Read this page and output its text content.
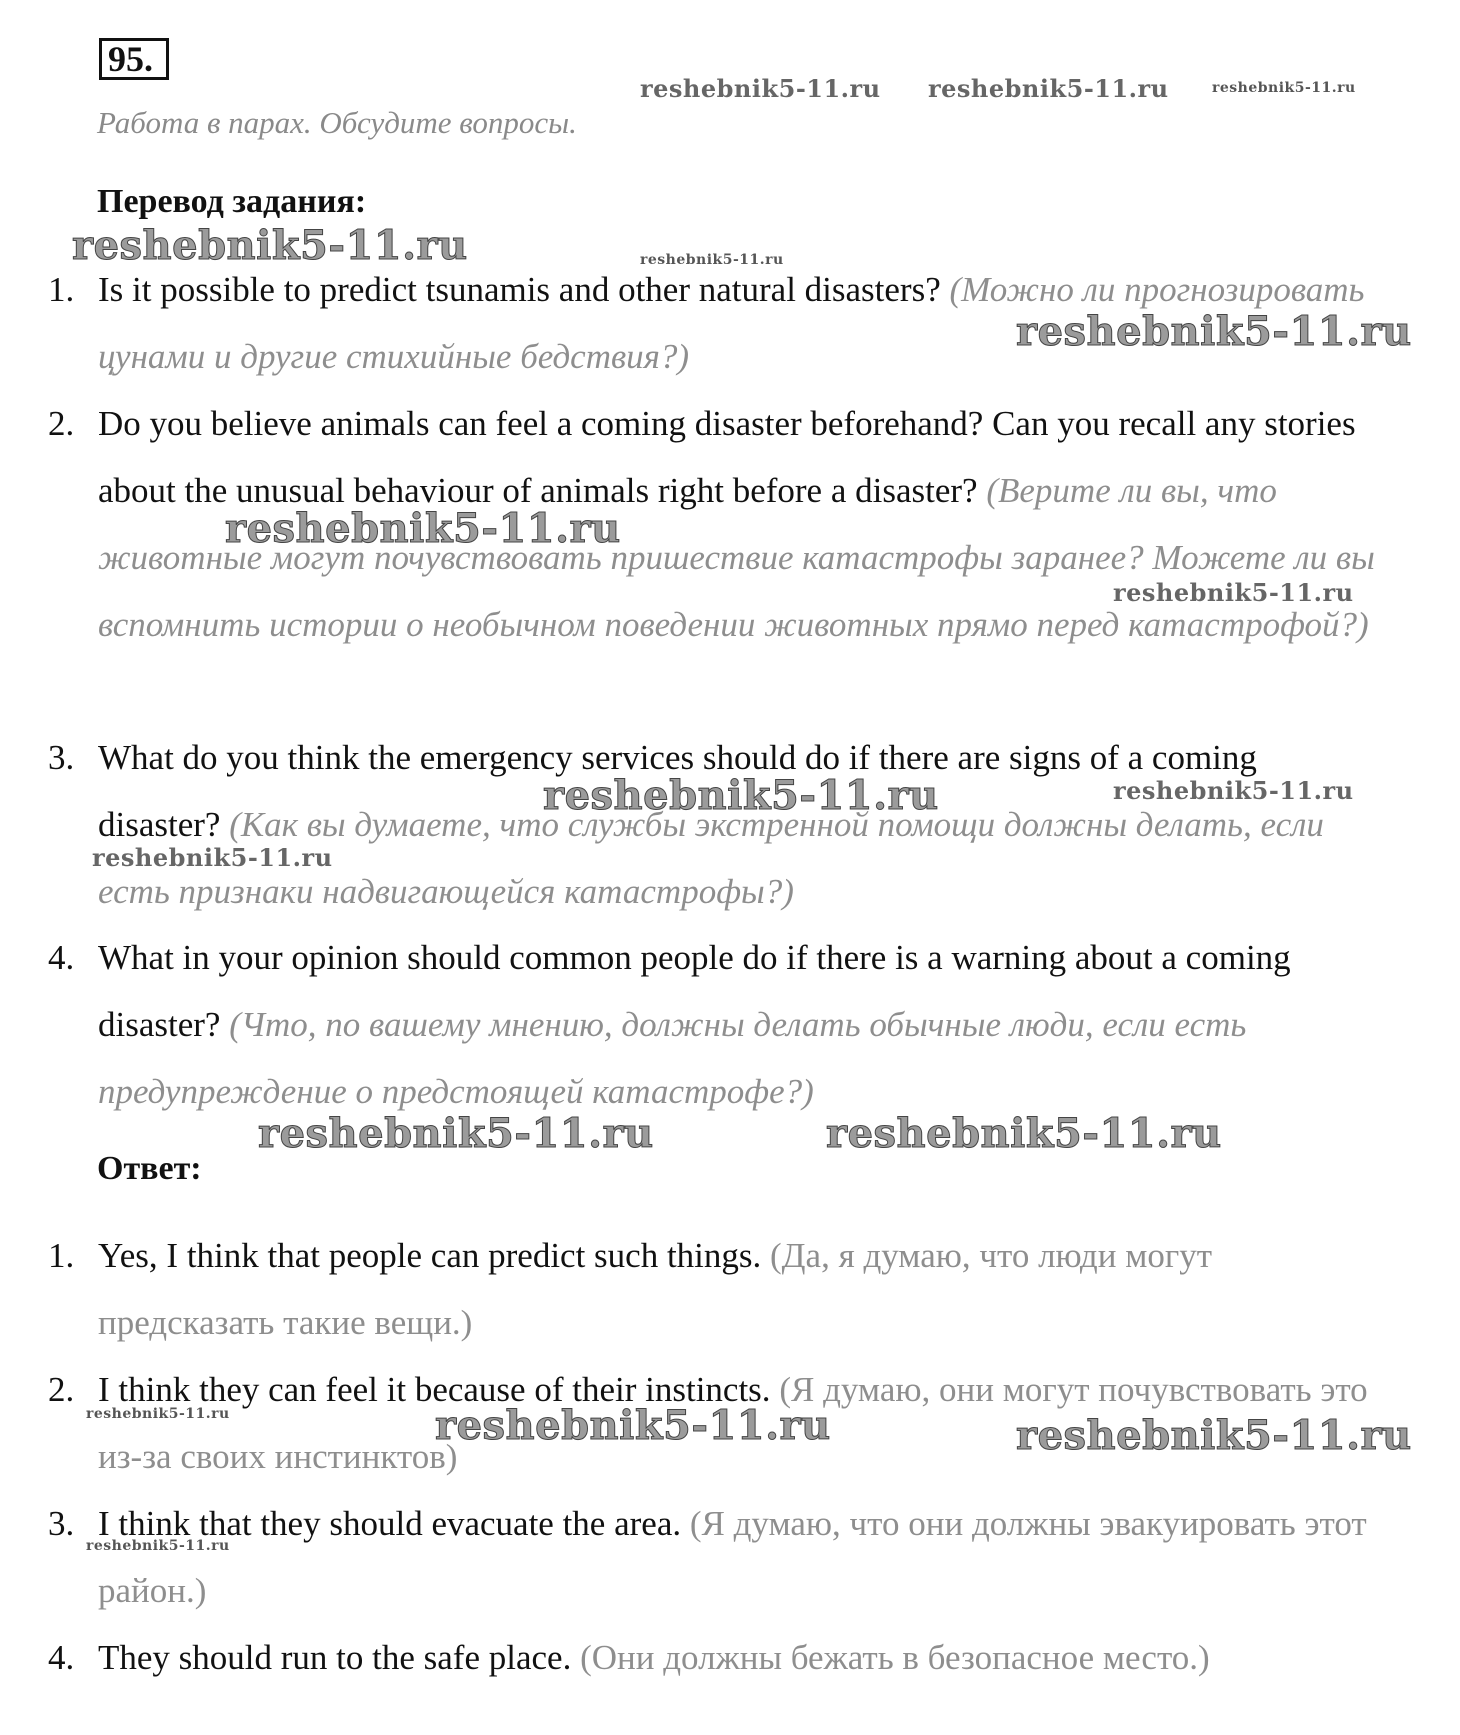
95.
Работа в парах. Обсудите вопросы.
Перевод задания:
1. Is it possible to predict tsunamis and other natural disasters? (Можно ли прогнозировать цунами и другие стихийные бедствия?)
2. Do you believe animals can feel a coming disaster beforehand? Can you recall any stories about the unusual behaviour of animals right before a disaster? (Верите ли вы, что животные могут почувствовать пришествие катастрофы заранее? Можете ли вы вспомнить истории о необычном поведении животных прямо перед катастрофой?)
3. What do you think the emergency services should do if there are signs of a coming disaster? (Как вы думаете, что службы экстренной помощи должны делать, если есть признаки надвигающейся катастрофы?)
4. What in your opinion should common people do if there is a warning about a coming disaster? (Что, по вашему мнению, должны делать обычные люди, если есть предупреждение о предстоящей катастрофе?)
Ответ:
1. Yes, I think that people can predict such things. (Да, я думаю, что люди могут предсказать такие вещи.)
2. I think they can feel it because of their instincts. (Я думаю, они могут почувствовать это из-за своих инстинктов)
3. I think that they should evacuate the area. (Я думаю, что они должны эвакуировать этот район.)
4. They should run to the safe place. (Они должны бежать в безопасное место.)
reshebnik5-11.ru reshebnik5-11.ru	reshebnik5-11.ru
reshebnik5-11.ru	reshebnik5-11.ru
reshebnik5-11.ru
reshebnik5-11.ru
reshebnik5-11.ru
reshebnik5-11.ru	reshebnik5-11.ru
reshebnik5-11.ru
reshebnik5-11.ru	reshebnik5-11.ru
reshebnik5-11.ru	reshebnik5-11.ru	reshebnik5-11.ru
reshebnik5-11.ru
